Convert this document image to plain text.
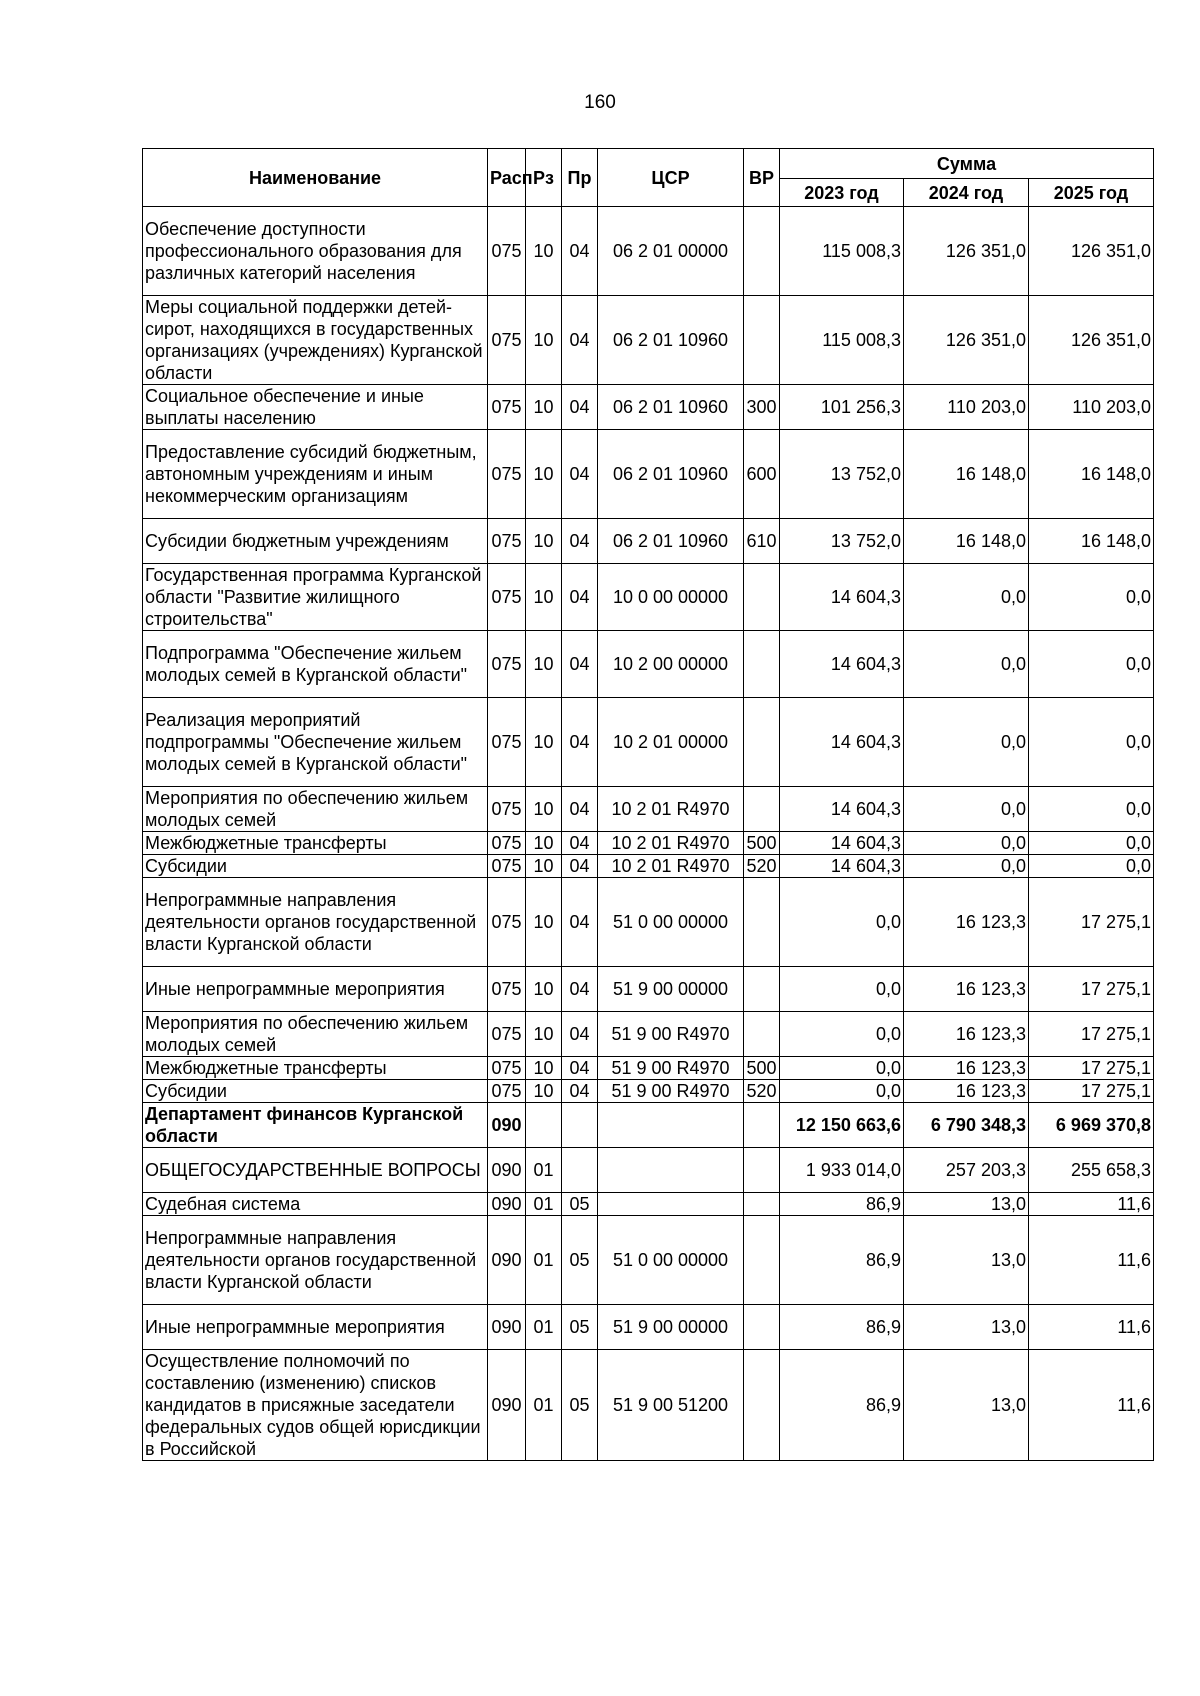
160
Наименование	Расп	Рз	Пр	ЦСР	ВР	Сумма		
						2023 год	2024 год	2025 год
Обеспечение доступности профессионального образования для различных категорий населения	075	10	04	06 2 01 00000		115 008,3	126 351,0	126 351,0
Меры социальной поддержки детей-сирот, находящихся в государственных организациях (учреждениях) Курганской области	075	10	04	06 2 01 10960		115 008,3	126 351,0	126 351,0
Социальное обеспечение и иные выплаты населению	075	10	04	06 2 01 10960	300	101 256,3	110 203,0	110 203,0
Предоставление субсидий бюджетным, автономным учреждениям и иным некоммерческим организациям	075	10	04	06 2 01 10960	600	13 752,0	16 148,0	16 148,0
Субсидии бюджетным учреждениям	075	10	04	06 2 01 10960	610	13 752,0	16 148,0	16 148,0
Государственная программа Курганской области "Развитие жилищного строительства"	075	10	04	10 0 00 00000		14 604,3	0,0	0,0
Подпрограмма "Обеспечение жильем молодых семей в Курганской области"	075	10	04	10 2 00 00000		14 604,3	0,0	0,0
Реализация мероприятий подпрограммы "Обеспечение жильем молодых семей в Курганской области"	075	10	04	10 2 01 00000		14 604,3	0,0	0,0
Мероприятия по обеспечению жильем молодых семей	075	10	04	10 2 01 R4970		14 604,3	0,0	0,0
Межбюджетные трансферты	075	10	04	10 2 01 R4970	500	14 604,3	0,0	0,0
Субсидии	075	10	04	10 2 01 R4970	520	14 604,3	0,0	0,0
Непрограммные направления деятельности органов государственной власти Курганской области	075	10	04	51 0 00 00000		0,0	16 123,3	17 275,1
Иные непрограммные мероприятия	075	10	04	51 9 00 00000		0,0	16 123,3	17 275,1
Мероприятия по обеспечению жильем молодых семей	075	10	04	51 9 00 R4970		0,0	16 123,3	17 275,1
Межбюджетные трансферты	075	10	04	51 9 00 R4970	500	0,0	16 123,3	17 275,1
Субсидии	075	10	04	51 9 00 R4970	520	0,0	16 123,3	17 275,1
Департамент финансов Курганской области	090					12 150 663,6	6 790 348,3	6 969 370,8
ОБЩЕГОСУДАРСТВЕННЫЕ ВОПРОСЫ	090	01				1 933 014,0	257 203,3	255 658,3
Судебная система	090	01	05			86,9	13,0	11,6
Непрограммные направления деятельности органов государственной власти Курганской области	090	01	05	51 0 00 00000		86,9	13,0	11,6
Иные непрограммные мероприятия	090	01	05	51 9 00 00000		86,9	13,0	11,6
Осуществление полномочий по составлению (изменению) списков кандидатов в присяжные заседатели федеральных судов общей юрисдикции в Российской	090	01	05	51 9 00 51200		86,9	13,0	11,6
